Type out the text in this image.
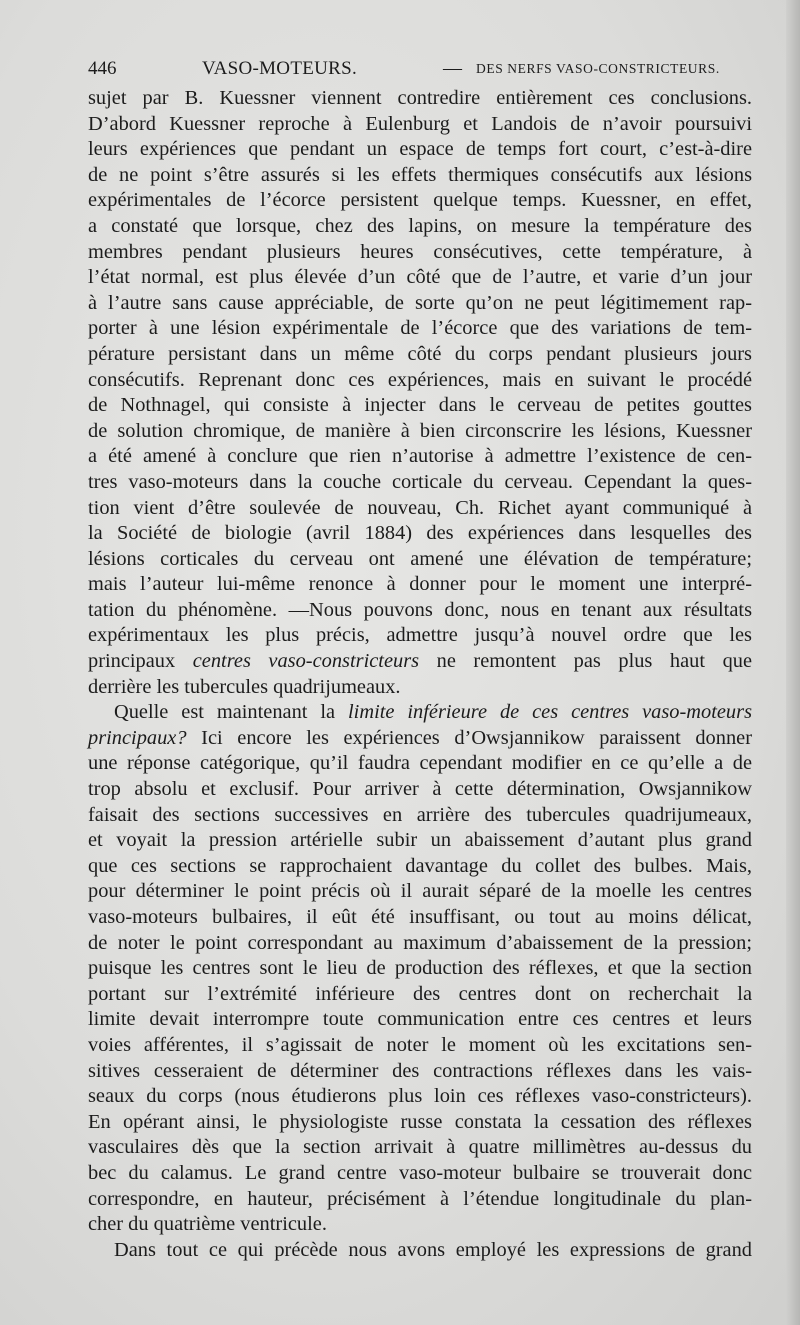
446	VASO-MOTEURS.	— DES NERFS VASO-CONSTRICTEURS.
sujet par B. Kuessner viennent contredire entièrement ces conclusions.
D’abord Kuessner reproche à Eulenburg et Landois de n’avoir poursuivi
leurs expériences que pendant un espace de temps fort court, c’est-à-dire
de ne point s’être assurés si les effets thermiques consécutifs aux lésions
expérimentales de l’écorce persistent quelque temps. Kuessner, en effet,
a constaté que lorsque, chez des lapins, on mesure la température des
membres pendant plusieurs heures consécutives, cette température, à
l’état normal, est plus élevée d’un côté que de l’autre, et varie d’un jour
à l’autre sans cause appréciable, de sorte qu’on ne peut légitimement rap-
porter à une lésion expérimentale de l’écorce que des variations de tem-
pérature persistant dans un même côté du corps pendant plusieurs jours
consécutifs. Reprenant donc ces expériences, mais en suivant le procédé
de Nothnagel, qui consiste à injecter dans le cerveau de petites gouttes
de solution chromique, de manière à bien circonscrire les lésions, Kuessner
a été amené à conclure que rien n’autorise à admettre l’existence de cen-
tres vaso-moteurs dans la couche corticale du cerveau. Cependant la ques-
tion vient d’être soulevée de nouveau, Ch. Richet ayant communiqué à
la Société de biologie (avril 1884) des expériences dans lesquelles des
lésions corticales du cerveau ont amené une élévation de température;
mais l’auteur lui-même renonce à donner pour le moment une interpré-
tation du phénomène. —Nous pouvons donc, nous en tenant aux résultats
expérimentaux les plus précis, admettre jusqu’à nouvel ordre que les
principaux centres vaso-constricteurs ne remontent pas plus haut que
derrière les tubercules quadrijumeaux.
Quelle est maintenant la limite inférieure de ces centres vaso-moteurs
principaux? Ici encore les expériences d’Owsjannikow paraissent donner
une réponse catégorique, qu’il faudra cependant modifier en ce qu’elle a de
trop absolu et exclusif. Pour arriver à cette détermination, Owsjannikow
faisait des sections successives en arrière des tubercules quadrijumeaux,
et voyait la pression artérielle subir un abaissement d’autant plus grand
que ces sections se rapprochaient davantage du collet des bulbes. Mais,
pour déterminer le point précis où il aurait séparé de la moelle les centres
vaso-moteurs bulbaires, il eût été insuffisant, ou tout au moins délicat,
de noter le point correspondant au maximum d’abaissement de la pression;
puisque les centres sont le lieu de production des réflexes, et que la section
portant sur l’extrémité inférieure des centres dont on recherchait la
limite devait interrompre toute communication entre ces centres et leurs
voies afférentes, il s’agissait de noter le moment où les excitations sen-
sitives cesseraient de déterminer des contractions réflexes dans les vais-
seaux du corps (nous étudierons plus loin ces réflexes vaso-constricteurs).
En opérant ainsi, le physiologiste russe constata la cessation des réflexes
vasculaires dès que la section arrivait à quatre millimètres au-dessus du
bec du calamus. Le grand centre vaso-moteur bulbaire se trouverait donc
correspondre, en hauteur, précisément à l’étendue longitudinale du plan-
cher du quatrième ventricule.
Dans tout ce qui précède nous avons employé les expressions de grand
